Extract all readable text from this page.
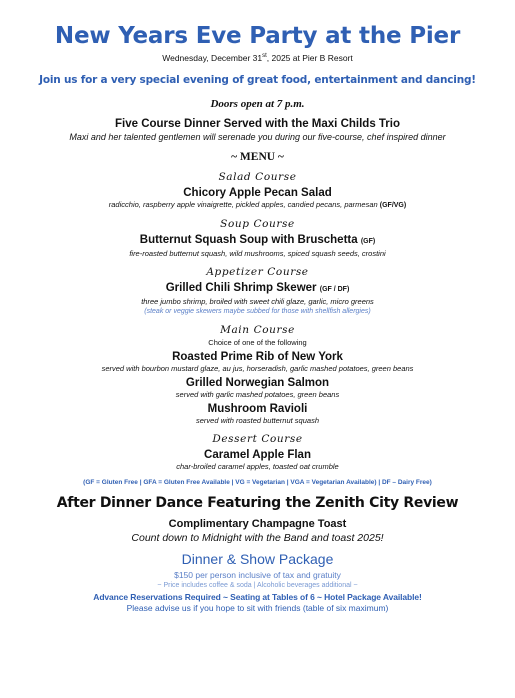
New Years Eve Party at the Pier
Wednesday, December 31st, 2025 at Pier B Resort
Join us for a very special evening of great food, entertainment and dancing!
Doors open at 7 p.m.
Five Course Dinner Served with the Maxi Childs Trio
Maxi and her talented gentlemen will serenade you during our five-course, chef inspired dinner
~ MENU ~
Salad Course
Chicory Apple Pecan Salad
radicchio, raspberry apple vinaigrette, pickled apples, candied pecans, parmesan (GF/VG)
Soup Course
Butternut Squash Soup with Bruschetta (GF)
fire-roasted butternut squash, wild mushrooms, spiced squash seeds, crostini
Appetizer Course
Grilled Chili Shrimp Skewer (GF / DF)
three jumbo shrimp, broiled with sweet chili glaze, garlic, micro greens
(steak or veggie skewers maybe subbed for those with shellfish allergies)
Main Course
Choice of one of the following
Roasted Prime Rib of New York
served with bourbon mustard glaze, au jus, horseradish, garlic mashed potatoes, green beans
Grilled Norwegian Salmon
served with garlic mashed potatoes, green beans
Mushroom Ravioli
served with roasted butternut squash
Dessert Course
Caramel Apple Flan
char-broiled caramel apples, toasted oat crumble
(GF = Gluten Free | GFA = Gluten Free Available | VG = Vegetarian | VGA = Vegetarian Available) | DF – Dairy Free)
After Dinner Dance Featuring the Zenith City Review
Complimentary Champagne Toast
Count down to Midnight with the Band and toast 2025!
Dinner & Show Package
$150 per person inclusive of tax and gratuity
~ Price includes coffee & soda | Alcoholic beverages additional ~
Advance Reservations Required ~ Seating at Tables of 6 ~ Hotel Package Available!
Please advise us if you hope to sit with friends (table of six maximum)
